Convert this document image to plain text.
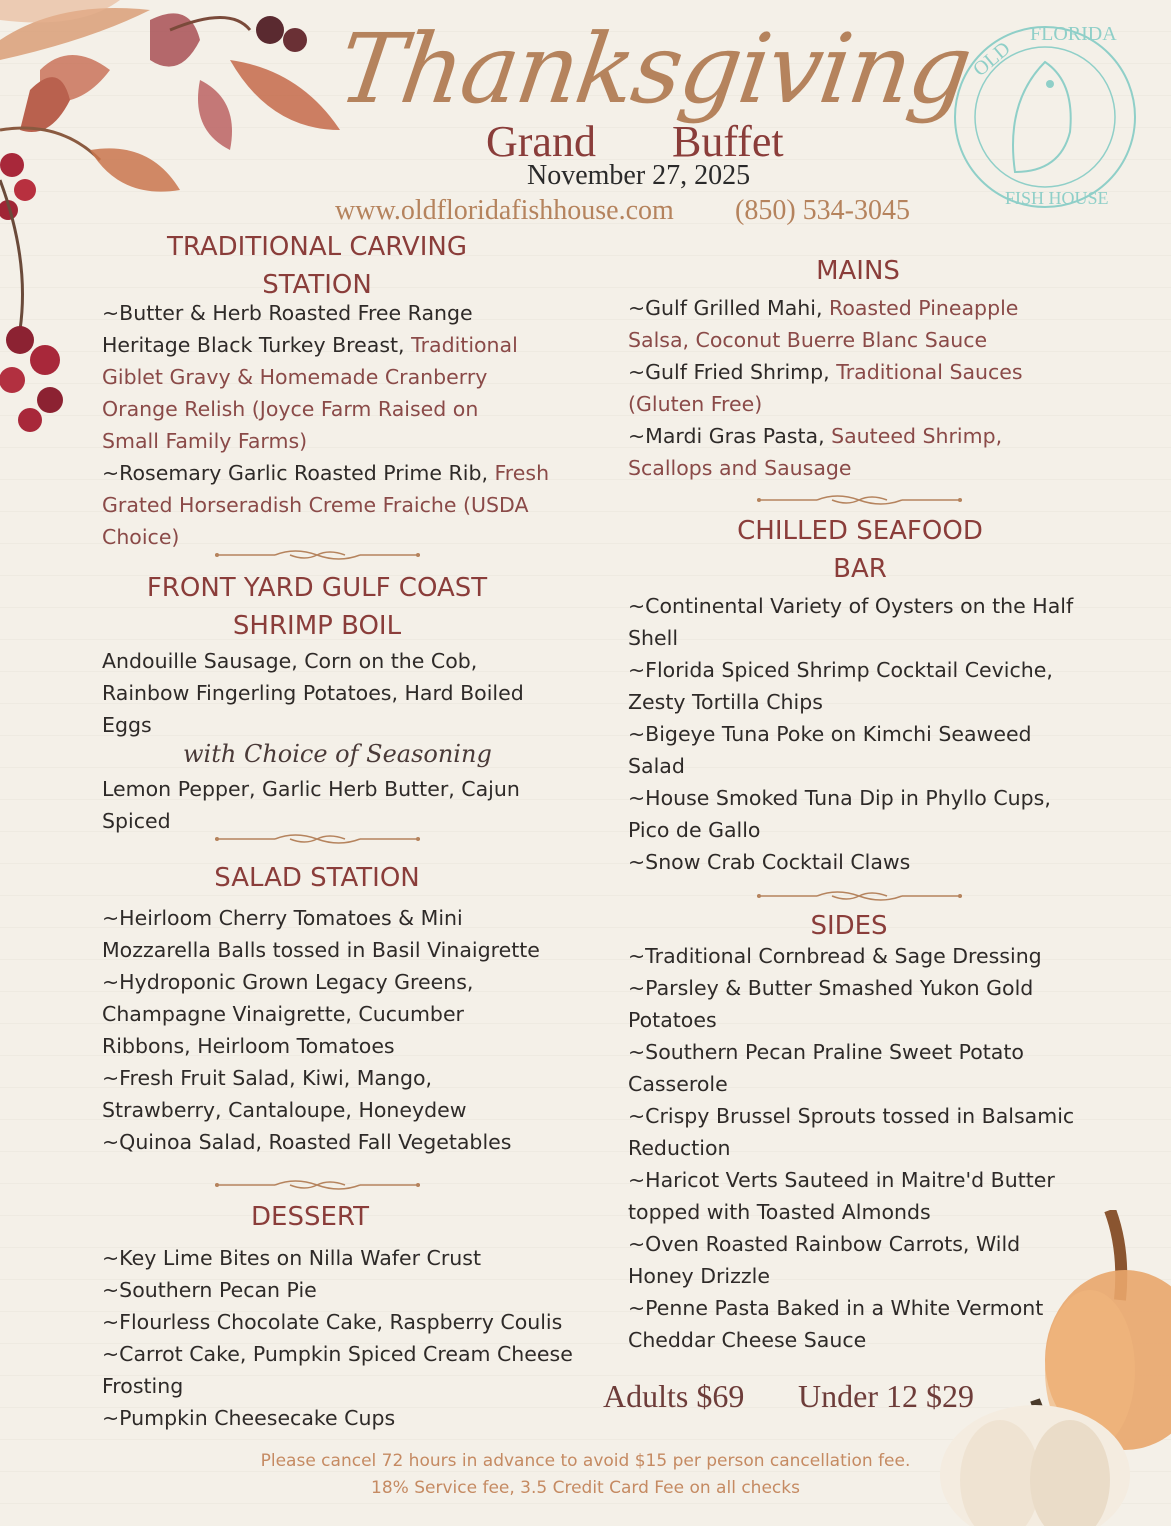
OLD
FLORIDA
FISH HOUSE
Thanksgiving
Grand Buffet
November 27, 2025
www.oldfloridafishhouse.com (850) 534-3045
TRADITIONAL CARVING
STATION
~Butter & Herb Roasted Free Range
Heritage Black Turkey Breast, Traditional
Giblet Gravy & Homemade Cranberry
Orange Relish (Joyce Farm Raised on
Small Family Farms)
~Rosemary Garlic Roasted Prime Rib, Fresh
Grated Horseradish Creme Fraiche (USDA
Choice)
FRONT YARD GULF COAST
SHRIMP BOIL
Andouille Sausage, Corn on the Cob,
Rainbow Fingerling Potatoes, Hard Boiled
Eggs
with Choice of Seasoning
Lemon Pepper, Garlic Herb Butter, Cajun
Spiced
SALAD STATION
~Heirloom Cherry Tomatoes & Mini
Mozzarella Balls tossed in Basil Vinaigrette
~Hydroponic Grown Legacy Greens,
Champagne Vinaigrette, Cucumber
Ribbons, Heirloom Tomatoes
~Fresh Fruit Salad, Kiwi, Mango,
Strawberry, Cantaloupe, Honeydew
~Quinoa Salad, Roasted Fall Vegetables
DESSERT
~Key Lime Bites on Nilla Wafer Crust
~Southern Pecan Pie
~Flourless Chocolate Cake, Raspberry Coulis
~Carrot Cake, Pumpkin Spiced Cream Cheese
Frosting
~Pumpkin Cheesecake Cups
MAINS
~Gulf Grilled Mahi, Roasted Pineapple
Salsa, Coconut Buerre Blanc Sauce
~Gulf Fried Shrimp, Traditional Sauces
(Gluten Free)
~Mardi Gras Pasta, Sauteed Shrimp,
Scallops and Sausage
CHILLED SEAFOOD
BAR
~Continental Variety of Oysters on the Half
Shell
~Florida Spiced Shrimp Cocktail Ceviche,
Zesty Tortilla Chips
~Bigeye Tuna Poke on Kimchi Seaweed
Salad
~House Smoked Tuna Dip in Phyllo Cups,
Pico de Gallo
~Snow Crab Cocktail Claws
SIDES
~Traditional Cornbread & Sage Dressing
~Parsley & Butter Smashed Yukon Gold
Potatoes
~Southern Pecan Praline Sweet Potato
Casserole
~Crispy Brussel Sprouts tossed in Balsamic
Reduction
~Haricot Verts Sauteed in Maitre'd Butter
topped with Toasted Almonds
~Oven Roasted Rainbow Carrots, Wild
Honey Drizzle
~Penne Pasta Baked in a White Vermont
Cheddar Cheese Sauce
Adults $69 Under 12 $29
Please cancel 72 hours in advance to avoid $15 per person cancellation fee.
18% Service fee, 3.5 Credit Card Fee on all checks
